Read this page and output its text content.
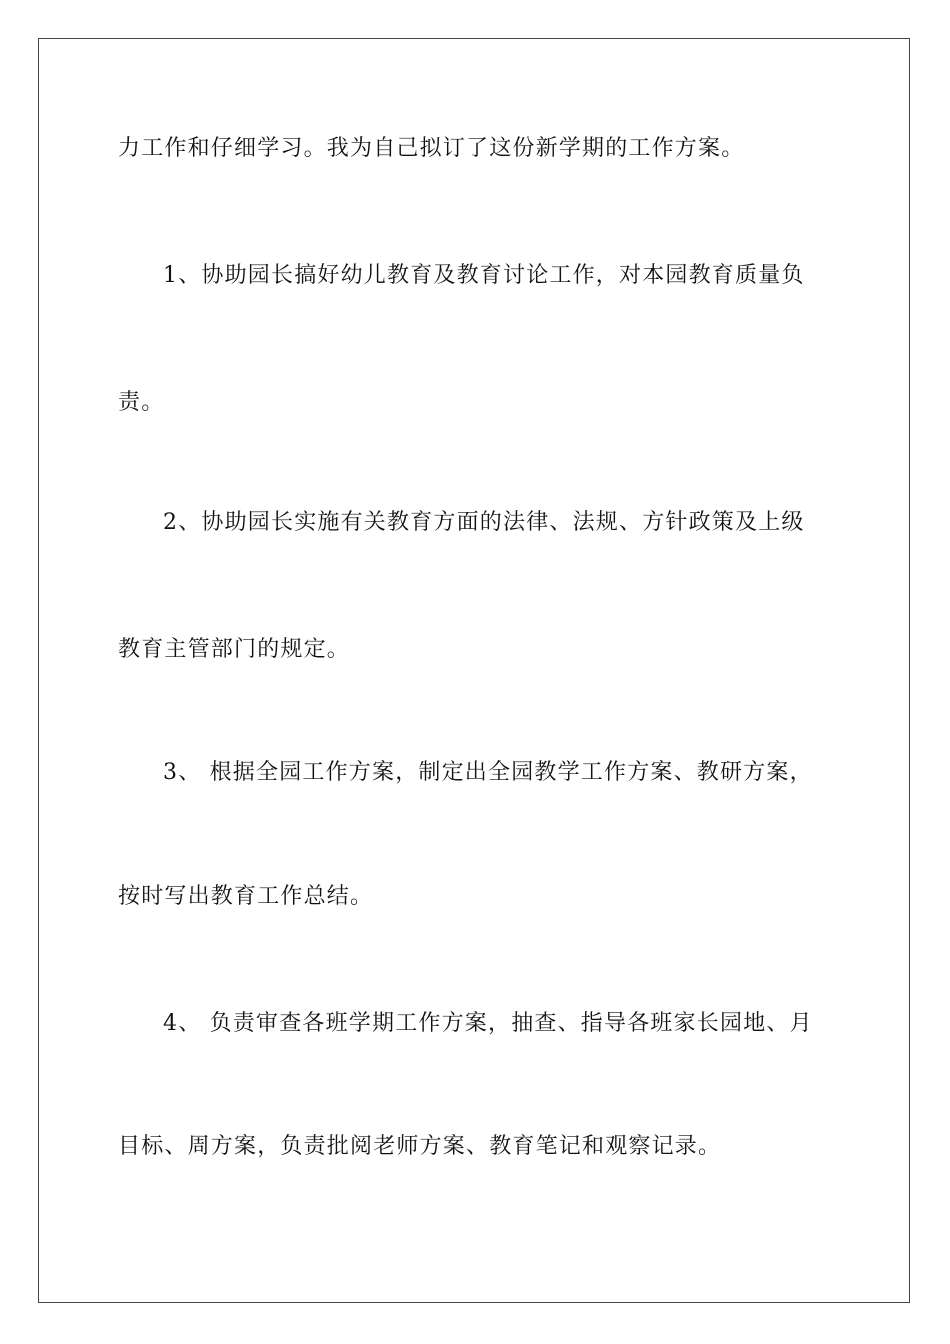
力工作和仔细学习。我为自己拟订了这份新学期的工作方案。

1、协助园长搞好幼儿教育及教育讨论工作，对本园教育质量负

责。

2、协助园长实施有关教育方面的法律、法规、方针政策及上级

教育主管部门的规定。

3、 根据全园工作方案，制定出全园教学工作方案、教研方案，

按时写出教育工作总结。

4、 负责审查各班学期工作方案，抽查、指导各班家长园地、月

目标、周方案，负责批阅老师方案、教育笔记和观察记录。
